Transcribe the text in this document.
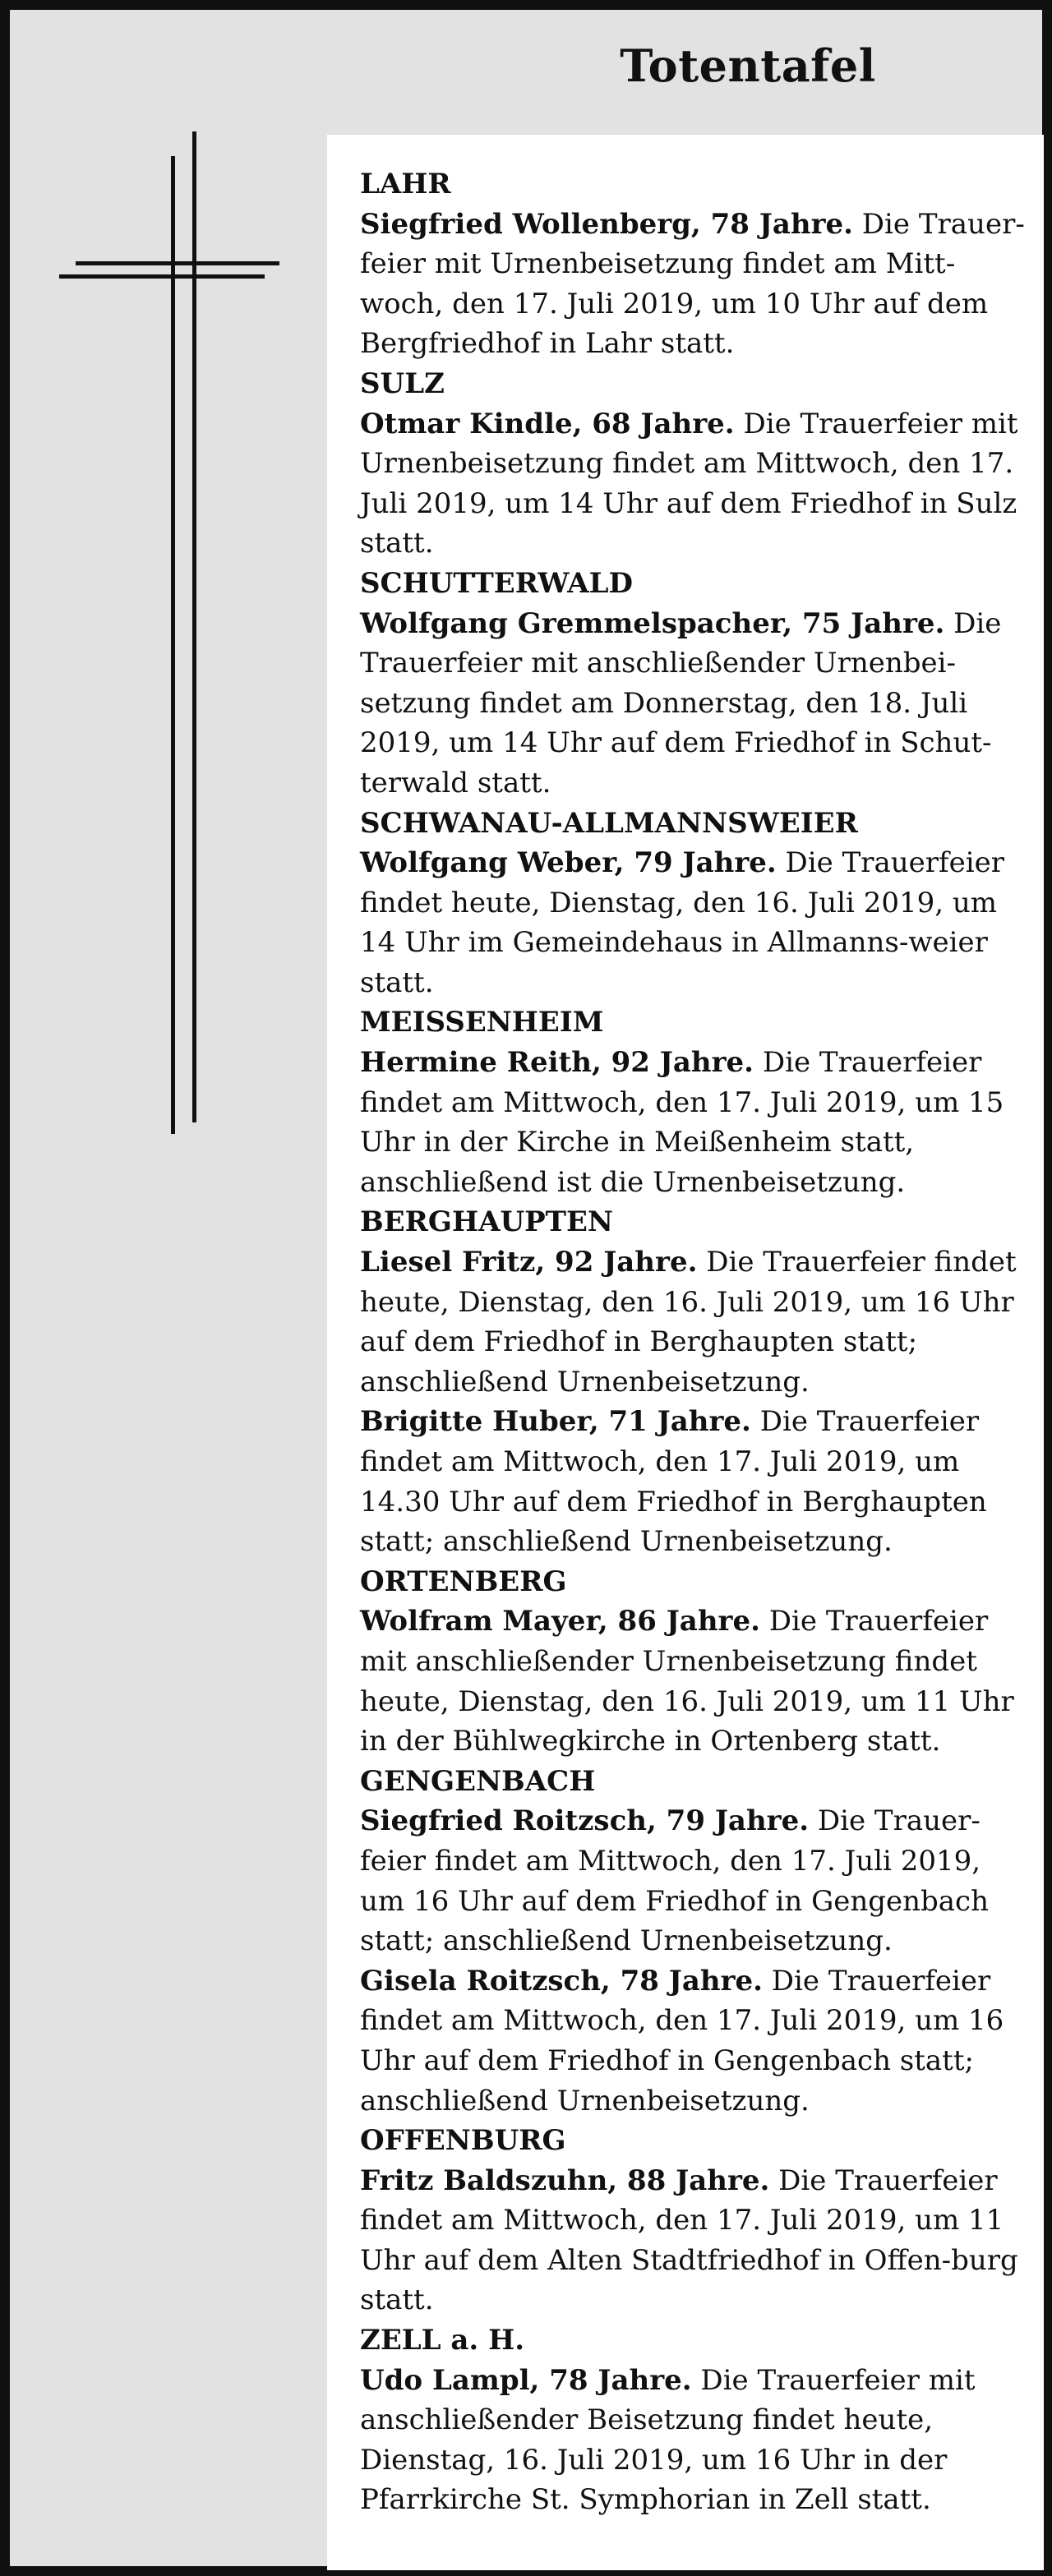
Totentafel
LAHR
Siegfried Wollenberg, 78 Jahre. Die Trauer-feier mit Urnenbeisetzung findet am Mitt-woch, den 17. Juli 2019, um 10 Uhr auf dem Bergfriedhof in Lahr statt.
SULZ
Otmar Kindle, 68 Jahre. Die Trauerfeier mit Urnenbeisetzung findet am Mittwoch, den 17. Juli 2019, um 14 Uhr auf dem Friedhof in Sulz statt.
SCHUTTERWALD
Wolfgang Gremmelspacher, 75 Jahre. Die Trauerfeier mit anschließender Urnenbei-setzung findet am Donnerstag, den 18. Juli 2019, um 14 Uhr auf dem Friedhof in Schut-terwald statt.
SCHWANAU-ALLMANNSWEIER
Wolfgang Weber, 79 Jahre. Die Trauerfeier findet heute, Dienstag, den 16. Juli 2019, um 14 Uhr im Gemeindehaus in Allmanns-weier statt.
MEISSENHEIM
Hermine Reith, 92 Jahre. Die Trauerfeier findet am Mittwoch, den 17. Juli 2019, um 15 Uhr in der Kirche in Meißenheim statt, anschließend ist die Urnenbeisetzung.
BERGHAUPTEN
Liesel Fritz, 92 Jahre. Die Trauerfeier findet heute, Dienstag, den 16. Juli 2019, um 16 Uhr auf dem Friedhof in Berghaupten statt; anschließend Urnenbeisetzung.
Brigitte Huber, 71 Jahre. Die Trauerfeier findet am Mittwoch, den 17. Juli 2019, um 14.30 Uhr auf dem Friedhof in Berghaupten statt; anschließend Urnenbeisetzung.
ORTENBERG
Wolfram Mayer, 86 Jahre. Die Trauerfeier mit anschließender Urnenbeisetzung findet heute, Dienstag, den 16. Juli 2019, um 11 Uhr in der Bühlwegkirche in Ortenberg statt.
GENGENBACH
Siegfried Roitzsch, 79 Jahre. Die Trauer-feier findet am Mittwoch, den 17. Juli 2019, um 16 Uhr auf dem Friedhof in Gengenbach statt; anschließend Urnenbeisetzung.
Gisela Roitzsch, 78 Jahre. Die Trauerfeier findet am Mittwoch, den 17. Juli 2019, um 16 Uhr auf dem Friedhof in Gengenbach statt; anschließend Urnenbeisetzung.
OFFENBURG
Fritz Baldszuhn, 88 Jahre. Die Trauerfeier findet am Mittwoch, den 17. Juli 2019, um 11 Uhr auf dem Alten Stadtfriedhof in Offen-burg statt.
ZELL a. H.
Udo Lampl, 78 Jahre. Die Trauerfeier mit anschließender Beisetzung findet heute, Dienstag, 16. Juli 2019, um 16 Uhr in der Pfarrkirche St. Symphorian in Zell statt.
